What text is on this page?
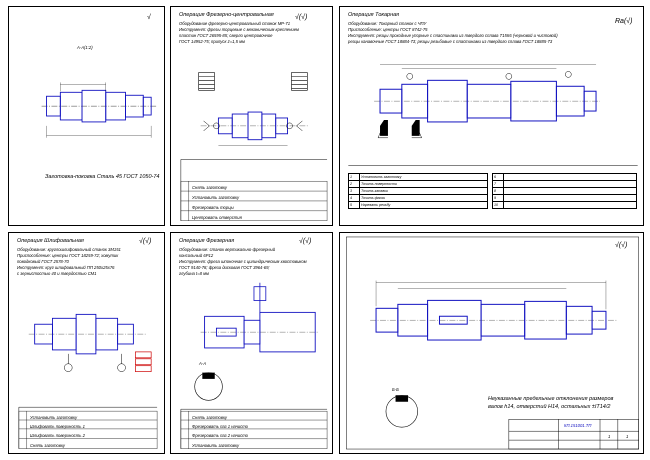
А-А(1:2)
√
Заготовка-поковка Сталь 45 ГОСТ 1050-74
Операция Фрезерно-центровальная
Оборудование фрезерно-центровальный станок МР-71
Инструмент: фрезы торцевые с механическим креплением
пластин ГОСТ 26595-85; сверло центровочное
ГОСТ 14952-75; припуск z=1,5 мм
√(√)
Снять заготовку
Установить заготовку
Фрезеровать торцы
Центровать отверстия
Операция Токарная
Оборудование: Токарный станок с ЧПУ
Приспособление: центры ГОСТ 8742-75
Инструмент: резцы проходные упорные с пластинами из твердого сплава Т15К6 (черновой и чистовой)
резцы канавочные ГОСТ 18884-73; резцы резьбовые с пластинами из твердого сплава ГОСТ 18885-73
Ra(√)
1	Установить заготовку
2	Точить поверхности
3	Точить канавки
4	Точить фаски
5	Нарезать резьбу
6	
7	
8	
9	
10	
Операция Шлифовальная
Оборудование: круглошлифовальный станок 3М151
Приспособление: центры ГОСТ 18259-72; хомутик
поводковый ГОСТ 2578-70
Инструмент: круг шлифовальный ПП 250х25х76
с зернистостью 40 и твердостью СМ1
√(√)
Установить заготовку
Шлифовать поверхность 1
Шлифовать поверхность 2
Снять заготовку
Операция Фрезерная
Оборудование: станок вертикально-фрезерный
консольный 6Р12
Инструмент: фреза шпоночная с цилиндрическим хвостовиком
ГОСТ 9140-78; фреза дисковая ГОСТ 3964-69;
глубина t=8 мм
√(√)
А-А
Снять заготовку
Фрезеровать паз 1 начисто
Фрезеровать паз 2 начисто
Установить заготовку
Б-Б
√(√)
Неуказанные предельные отклонения размеров
валов h14, отверстий H14, остальных ±IT14/2
КП.151001.ТП
1	1
